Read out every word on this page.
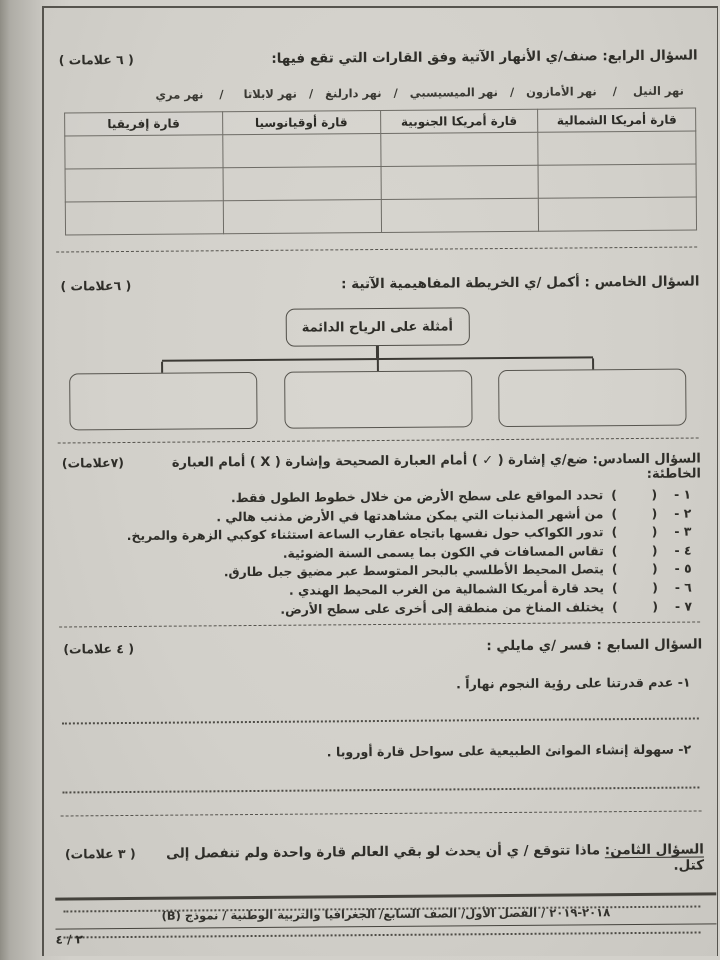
السؤال الرابع: صنف/ي الأنهار الآتية وفق القارات التي تقع فيها:
( ٦ علامات )
نهر النيل    /    نهر الأمازون   /   نهر الميسيسبي   /   نهر دارلنغ   /   نهر لابلاتا     /    نهر مري
قارة أمريكا الشمالية	قارة أمريكا الجنوبية	قارة أوقيانوسيا	قارة إفريقيا

السؤال الخامس : أكمل /ي الخريطة المفاهيمية الآتية :
( ٦علامات )
أمثلة على الرياح الدائمة
السؤال السادس: ضع/ي إشارة ( ✓ ) أمام العبارة الصحيحة وإشارة ( X ) أمام العبارة الخاطئة:
(٧علامات)
١ -
(        )
تحدد المواقع على سطح الأرض من خلال خطوط الطول فقط.
٢ -
(        )
من أشهر المذنبات التي يمكن مشاهدتها في الأرض مذنب هالي .
٣ -
(        )
تدور الكواكب حول نفسها باتجاه عقارب الساعة استثناء كوكبي الزهرة والمريخ.
٤ -
(        )
تقاس المسافات في الكون بما يسمى السنة الضوئية.
٥ -
(        )
يتصل المحيط الأطلسي بالبحر المتوسط عبر مضيق جبل طارق.
٦ -
(        )
يحد قارة أمريكا الشمالية من الغرب المحيط الهندي .
٧ -
(        )
يختلف المناخ من منطقة إلى أخرى على سطح الأرض.
السؤال السابع : فسر /ي مايلي :
( ٤ علامات)
١- عدم قدرتنا على رؤية النجوم نهاراً .
٢- سهولة إنشاء الموانئ الطبيعية على سواحل قارة أوروبا .
السؤال الثامن: ماذا تتوقع / ي أن يحدث لو بقي العالم قارة واحدة ولم تنفصل إلى كتل.
( ٣ علامات)
٢٠١٨-٢٠١٩ / الفصل الأول/ الصف السابع/ الجغرافيا والتربية الوطنية / نموذج (B)
٤ / ٢
